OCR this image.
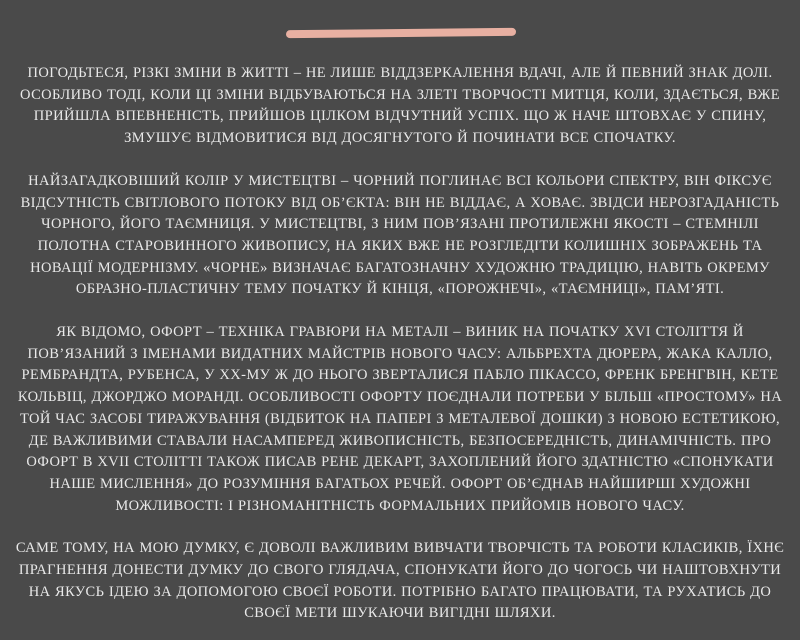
ПОГОДЬТЕСЯ, РІЗКІ ЗМІНИ В ЖИТТІ – НЕ ЛИШЕ ВІДДЗЕРКАЛЕННЯ ВДАЧІ, АЛЕ Й ПЕВНИЙ ЗНАК ДОЛІ. ОСОБЛИВО ТОДІ, КОЛИ ЦІ ЗМІНИ ВІДБУВАЮТЬСЯ НА ЗЛЕТІ ТВОРЧОСТІ МИТЦЯ, КОЛИ, ЗДАЄТЬСЯ, ВЖЕ ПРИЙШЛА ВПЕВНЕНІСТЬ, ПРИЙШОВ ЦІЛКОМ ВІДЧУТНИЙ УСПІХ. ЩО Ж НАЧЕ ШТОВХАЄ У СПИНУ, ЗМУШУЄ ВІДМОВИТИСЯ ВІД ДОСЯГНУТОГО Й ПОЧИНАТИ ВСЕ СПОЧАТКУ.

НАЙЗАГАДКОВІШИЙ КОЛІР У МИСТЕЦТВІ – ЧОРНИЙ ПОГЛИНАЄ ВСІ КОЛЬОРИ СПЕКТРУ, ВІН ФІКСУЄ ВІДСУТНІСТЬ СВІТЛОВОГО ПОТОКУ ВІД ОБ’ЄКТА: ВІН НЕ ВІДДАЄ, А ХОВАЄ. ЗВІДСИ НЕРОЗГАДАНІСТЬ ЧОРНОГО, ЙОГО ТАЄМНИЦЯ. У МИСТЕЦТВІ, З НИМ ПОВ’ЯЗАНІ ПРОТИЛЕЖНІ ЯКОСТІ – СТЕМНІЛІ ПОЛОТНА СТАРОВИННОГО ЖИВОПИСУ, НА ЯКИХ ВЖЕ НЕ РОЗГЛЕДІТИ КОЛИШНІХ ЗОБРАЖЕНЬ ТА НОВАЦІЇ МОДЕРНІЗМУ. «ЧОРНЕ» ВИЗНАЧАЄ БАГАТОЗНАЧНУ ХУДОЖНЮ ТРАДИЦІЮ, НАВІТЬ ОКРЕМУ ОБРАЗНО-ПЛАСТИЧНУ ТЕМУ ПОЧАТКУ Й КІНЦЯ, «ПОРОЖНЕЧІ», «ТАЄМНИЦІ», ПАМ’ЯТІ.

ЯК ВІДОМО, ОФОРТ – ТЕХНІКА ГРАВЮРИ НА МЕТАЛІ – ВИНИК НА ПОЧАТКУ XVI СТОЛІТТЯ Й ПОВ’ЯЗАНИЙ З ІМЕНАМИ ВИДАТНИХ МАЙСТРІВ НОВОГО ЧАСУ: АЛЬБРЕХТА ДЮРЕРА, ЖАКА КАЛЛО, РЕМБРАНДТА, РУБЕНСА, У XX-МУ Ж ДО НЬОГО ЗВЕРТАЛИСЯ ПАБЛО ПІКАССО, ФРЕНК БРЕНГВІН, КЕТЕ КОЛЬВІЦ, ДЖОРДЖО МОРАНДІ. ОСОБЛИВОСТІ ОФОРТУ ПОЄДНАЛИ ПОТРЕБИ У БІЛЬШ «ПРОСТОМУ» НА ТОЙ ЧАС ЗАСОБІ ТИРАЖУВАННЯ (ВІДБИТОК НА ПАПЕРІ З МЕТАЛЕВОЇ ДОШКИ) З НОВОЮ ЕСТЕТИКОЮ, ДЕ ВАЖЛИВИМИ СТАВАЛИ НАСАМПЕРЕД ЖИВОПИСНІСТЬ, БЕЗПОСЕРЕДНІСТЬ, ДИНАМІЧНІСТЬ. ПРО ОФОРТ В XVII СТОЛІТТІ ТАКОЖ ПИСАВ РЕНЕ ДЕКАРТ, ЗАХОПЛЕНИЙ ЙОГО ЗДАТНІСТЮ «СПОНУКАТИ НАШЕ МИСЛЕННЯ» ДО РОЗУМІННЯ БАГАТЬОХ РЕЧЕЙ. ОФОРТ ОБ’ЄДНАВ НАЙШИРШІ ХУДОЖНІ МОЖЛИВОСТІ: І РІЗНОМАНІТНІСТЬ ФОРМАЛЬНИХ ПРИЙОМІВ НОВОГО ЧАСУ.

САМЕ ТОМУ, НА МОЮ ДУМКУ, Є ДОВОЛІ ВАЖЛИВИМ ВИВЧАТИ ТВОРЧІСТЬ ТА РОБОТИ КЛАСИКІВ, ЇХНЄ ПРАГНЕННЯ ДОНЕСТИ ДУМКУ ДО СВОГО ГЛЯДАЧА, СПОНУКАТИ ЙОГО ДО ЧОГОСЬ ЧИ НАШТОВХНУТИ НА ЯКУСЬ ІДЕЮ ЗА ДОПОМОГОЮ СВОЄЇ РОБОТИ. ПОТРІБНО БАГАТО ПРАЦЮВАТИ, ТА РУХАТИСЬ ДО СВОЄЇ МЕТИ ШУКАЮЧИ ВИГІДНІ ШЛЯХИ.
